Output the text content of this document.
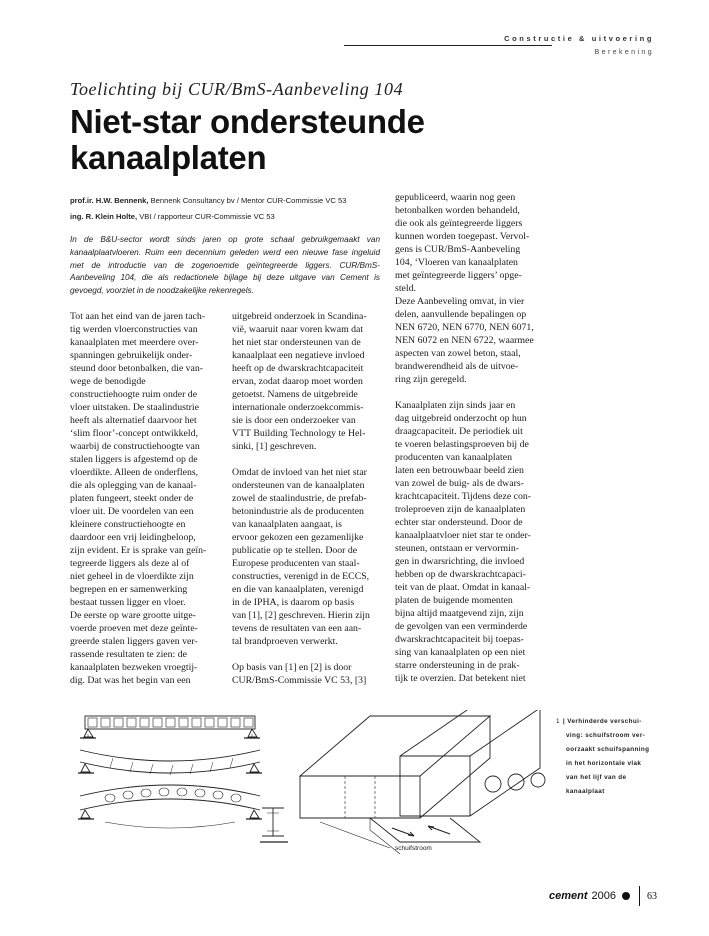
Constructie & uitvoering
Berekening
Toelichting bij CUR/BmS-Aanbeveling 104
Niet-star ondersteunde kanaalplaten
prof.ir. H.W. Bennenk, Bennenk Consultancy bv / Mentor CUR-Commissie VC 53
ing. R. Klein Holte, VBI / rapporteur CUR-Commissie VC 53

In de B&U-sector wordt sinds jaren op grote schaal gebruikgemaakt van kanaalplaatvloeren. Ruim een decennium geleden werd een nieuwe fase ingeluid met de introductie van de zogenoemde geïntegreerde liggers. CUR/BmS-Aanbeveling 104, die als redactionele bijlage bij deze uitgave van Cement is gevoegd, voorziet in de noodzakelijke rekenregels.

Tot aan het eind van de jaren tach-
tig werden vloerconstructies van
kanaalplaten met meerdere over-
spanningen gebruikelijk onder-
steund door betonbalken, die van-
wege de benodigde
constructiehoogte ruim onder de
vloer uitstaken. De staalindustrie
heeft als alternatief daarvoor het
‘slim floor’-concept ontwikkeld,
waarbij de constructiehoogte van
stalen liggers is afgestemd op de
vloerdikte. Alleen de onderflens,
die als oplegging van de kanaal-
platen fungeert, steekt onder de
vloer uit. De voordelen van een
kleinere constructiehoogte en
daardoor een vrij leidingbeloop,
zijn evident. Er is sprake van geïn-
tegreerde liggers als deze al of
niet geheel in de vloerdikte zijn
begrepen en er samenwerking
bestaat tussen ligger en vloer.
De eerste op ware grootte uitge-
voerde proeven met deze geïnte-
greerde stalen liggers gaven ver-
rassende resultaten te zien: de
kanaalplaten bezweken vroegtij-
dig. Dat was het begin van een
uitgebreid onderzoek in Scandina-
vië, waaruit naar voren kwam dat
het niet star ondersteunen van de
kanaalplaat een negatieve invloed
heeft op de dwarskrachtcapaciteit
ervan, zodat daarop moet worden
getoetst. Namens de uitgebreide
internationale onderzoekcommis-
sie is door een onderzoeker van
VTT Building Technology te Hel-
sinki, [1] geschreven.
Omdat de invloed van het niet star
ondersteunen van de kanaalplaten
zowel de staalindustrie, de prefab-
betonindustrie als de producenten
van kanaalplaten aangaat, is
ervoor gekozen een gezamenlijke
publicatie op te stellen. Door de
Europese producenten van staal-
constructies, verenigd in de ECCS,
en die van kanaalplaten, verenigd
in de IPHA, is daarom op basis
van [1], [2] geschreven. Hierin zijn
tevens de resultaten van een aan-
tal brandproeven verwerkt.
Op basis van [1] en [2] is door
CUR/BmS-Commissie VC 53, [3]
gepubliceerd, waarin nog geen
betonbalken worden behandeld,
die ook als geïntegreerde liggers
kunnen worden toegepast. Vervol-
gens is CUR/BmS-Aanbeveling
104, ‘Vloeren van kanaalplaten
met geïntegreerde liggers’ opge-
steld.
Deze Aanbeveling omvat, in vier
delen, aanvullende bepalingen op
NEN 6720, NEN 6770, NEN 6071,
NEN 6072 en NEN 6722, waarmee
aspecten van zowel beton, staal,
brandwerendheid als de uitvoe-
ring zijn geregeld.
Kanaalplaten zijn sinds jaar en
dag uitgebreid onderzocht op hun
draagcapaciteit. De periodiek uit
te voeren belastingsproeven bij de
producenten van kanaalplaten
laten een betrouwbaar beeld zien
van zowel de buig- als de dwars-
krachtcapaciteit. Tijdens deze con-
troleproeven zijn de kanaalplaten
echter star ondersteund. Door de
kanaalplaatvloer niet star te onder-
steunen, ontstaan er vervormin-
gen in dwarsrichting, die invloed
hebben op de dwarskrachtcapaci-
teit van de plaat. Omdat in kanaal-
platen de buigende momenten
bijna altijd maatgevend zijn, zijn
de gevolgen van een verminderde
dwarskrachtcapaciteit bij toepas-
sing van kanaalplaten op een niet
starre ondersteuning in de prak-
tijk te overzien. Dat betekent niet
schuifstroom
1 | Verhinderde verschui-
ving: schuifstroom ver-
oorzaakt schuifspanning
in het horizontale vlak
van het lijf van de
kanaalplaat
cement 2006	63
